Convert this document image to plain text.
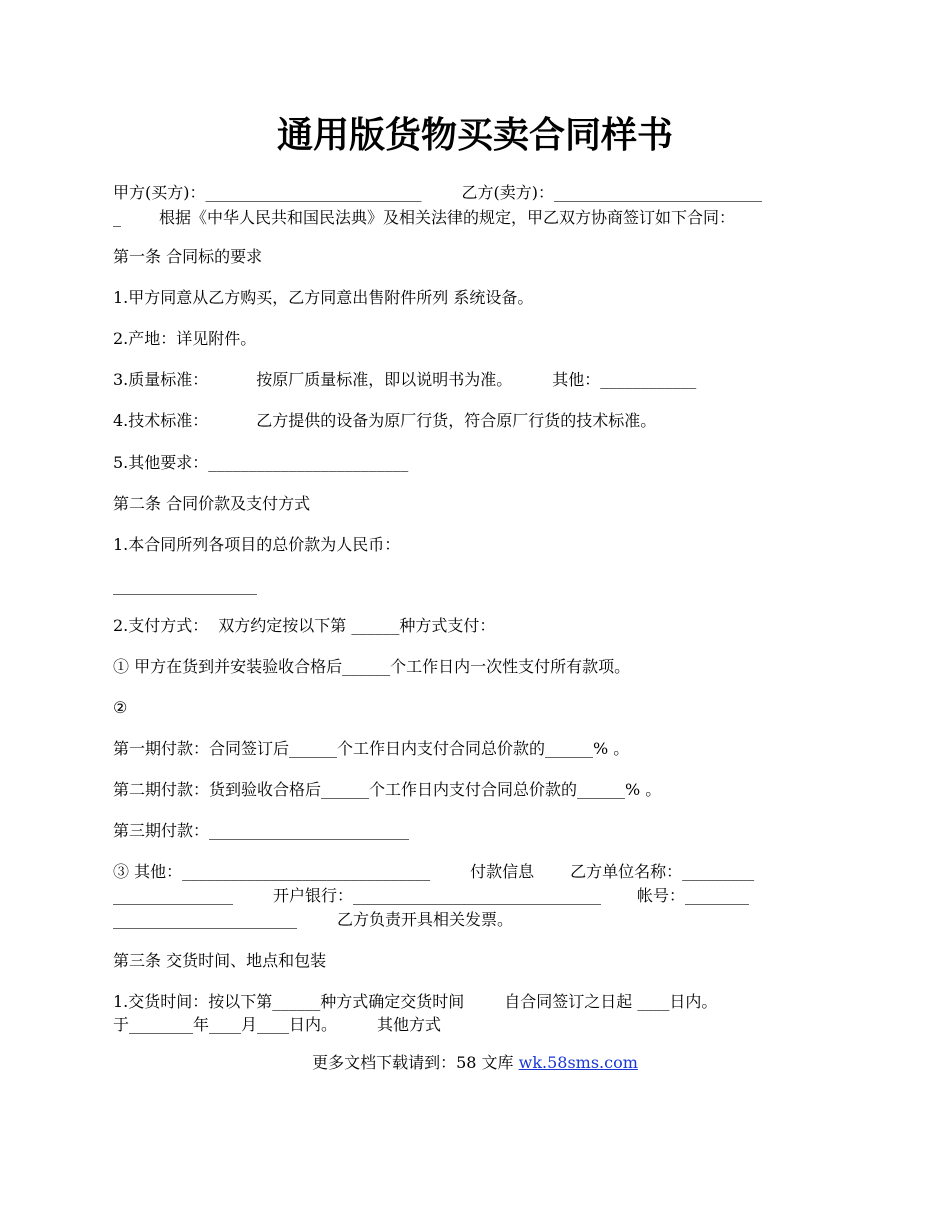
通用版货物买卖合同样书
甲方(买方)：___________________________	乙方(卖方)：__________________________
_ 根据《中华人民共和国民法典》及相关法律的规定，甲乙双方协商签订如下合同：
第一条 合同标的要求
1.甲方同意从乙方购买，乙方同意出售附件所列 系统设备。
2.产地：详见附件。
3.质量标准：	按原厂质量标准，即以说明书为准。	其他：____________
4.技术标准：	乙方提供的设备为原厂行货，符合原厂行货的技术标准。
5.其他要求：_________________________
第二条 合同价款及支付方式
1.本合同所列各项目的总价款为人民币：
__________________
2.支付方式： 双方约定按以下第 ______种方式支付：
① 甲方在货到并安装验收合格后______个工作日内一次性支付所有款项。
②
第一期付款：合同签订后______个工作日内支付合同总价款的______% 。
第二期付款：货到验收合格后______个工作日内支付合同总价款的______% 。
第三期付款：_________________________
③ 其他：_______________________________	付款信息 乙方单位名称：_________
_______________	开户银行：_______________________________ 帐号：________
_______________________	乙方负责开具相关发票。
第三条 交货时间、地点和包装
1.交货时间：按以下第______种方式确定交货时间	自合同签订之日起 ____日内。
于________年____月____日内。	其他方式
更多文档下载请到：58 文库 wk.58sms.com
